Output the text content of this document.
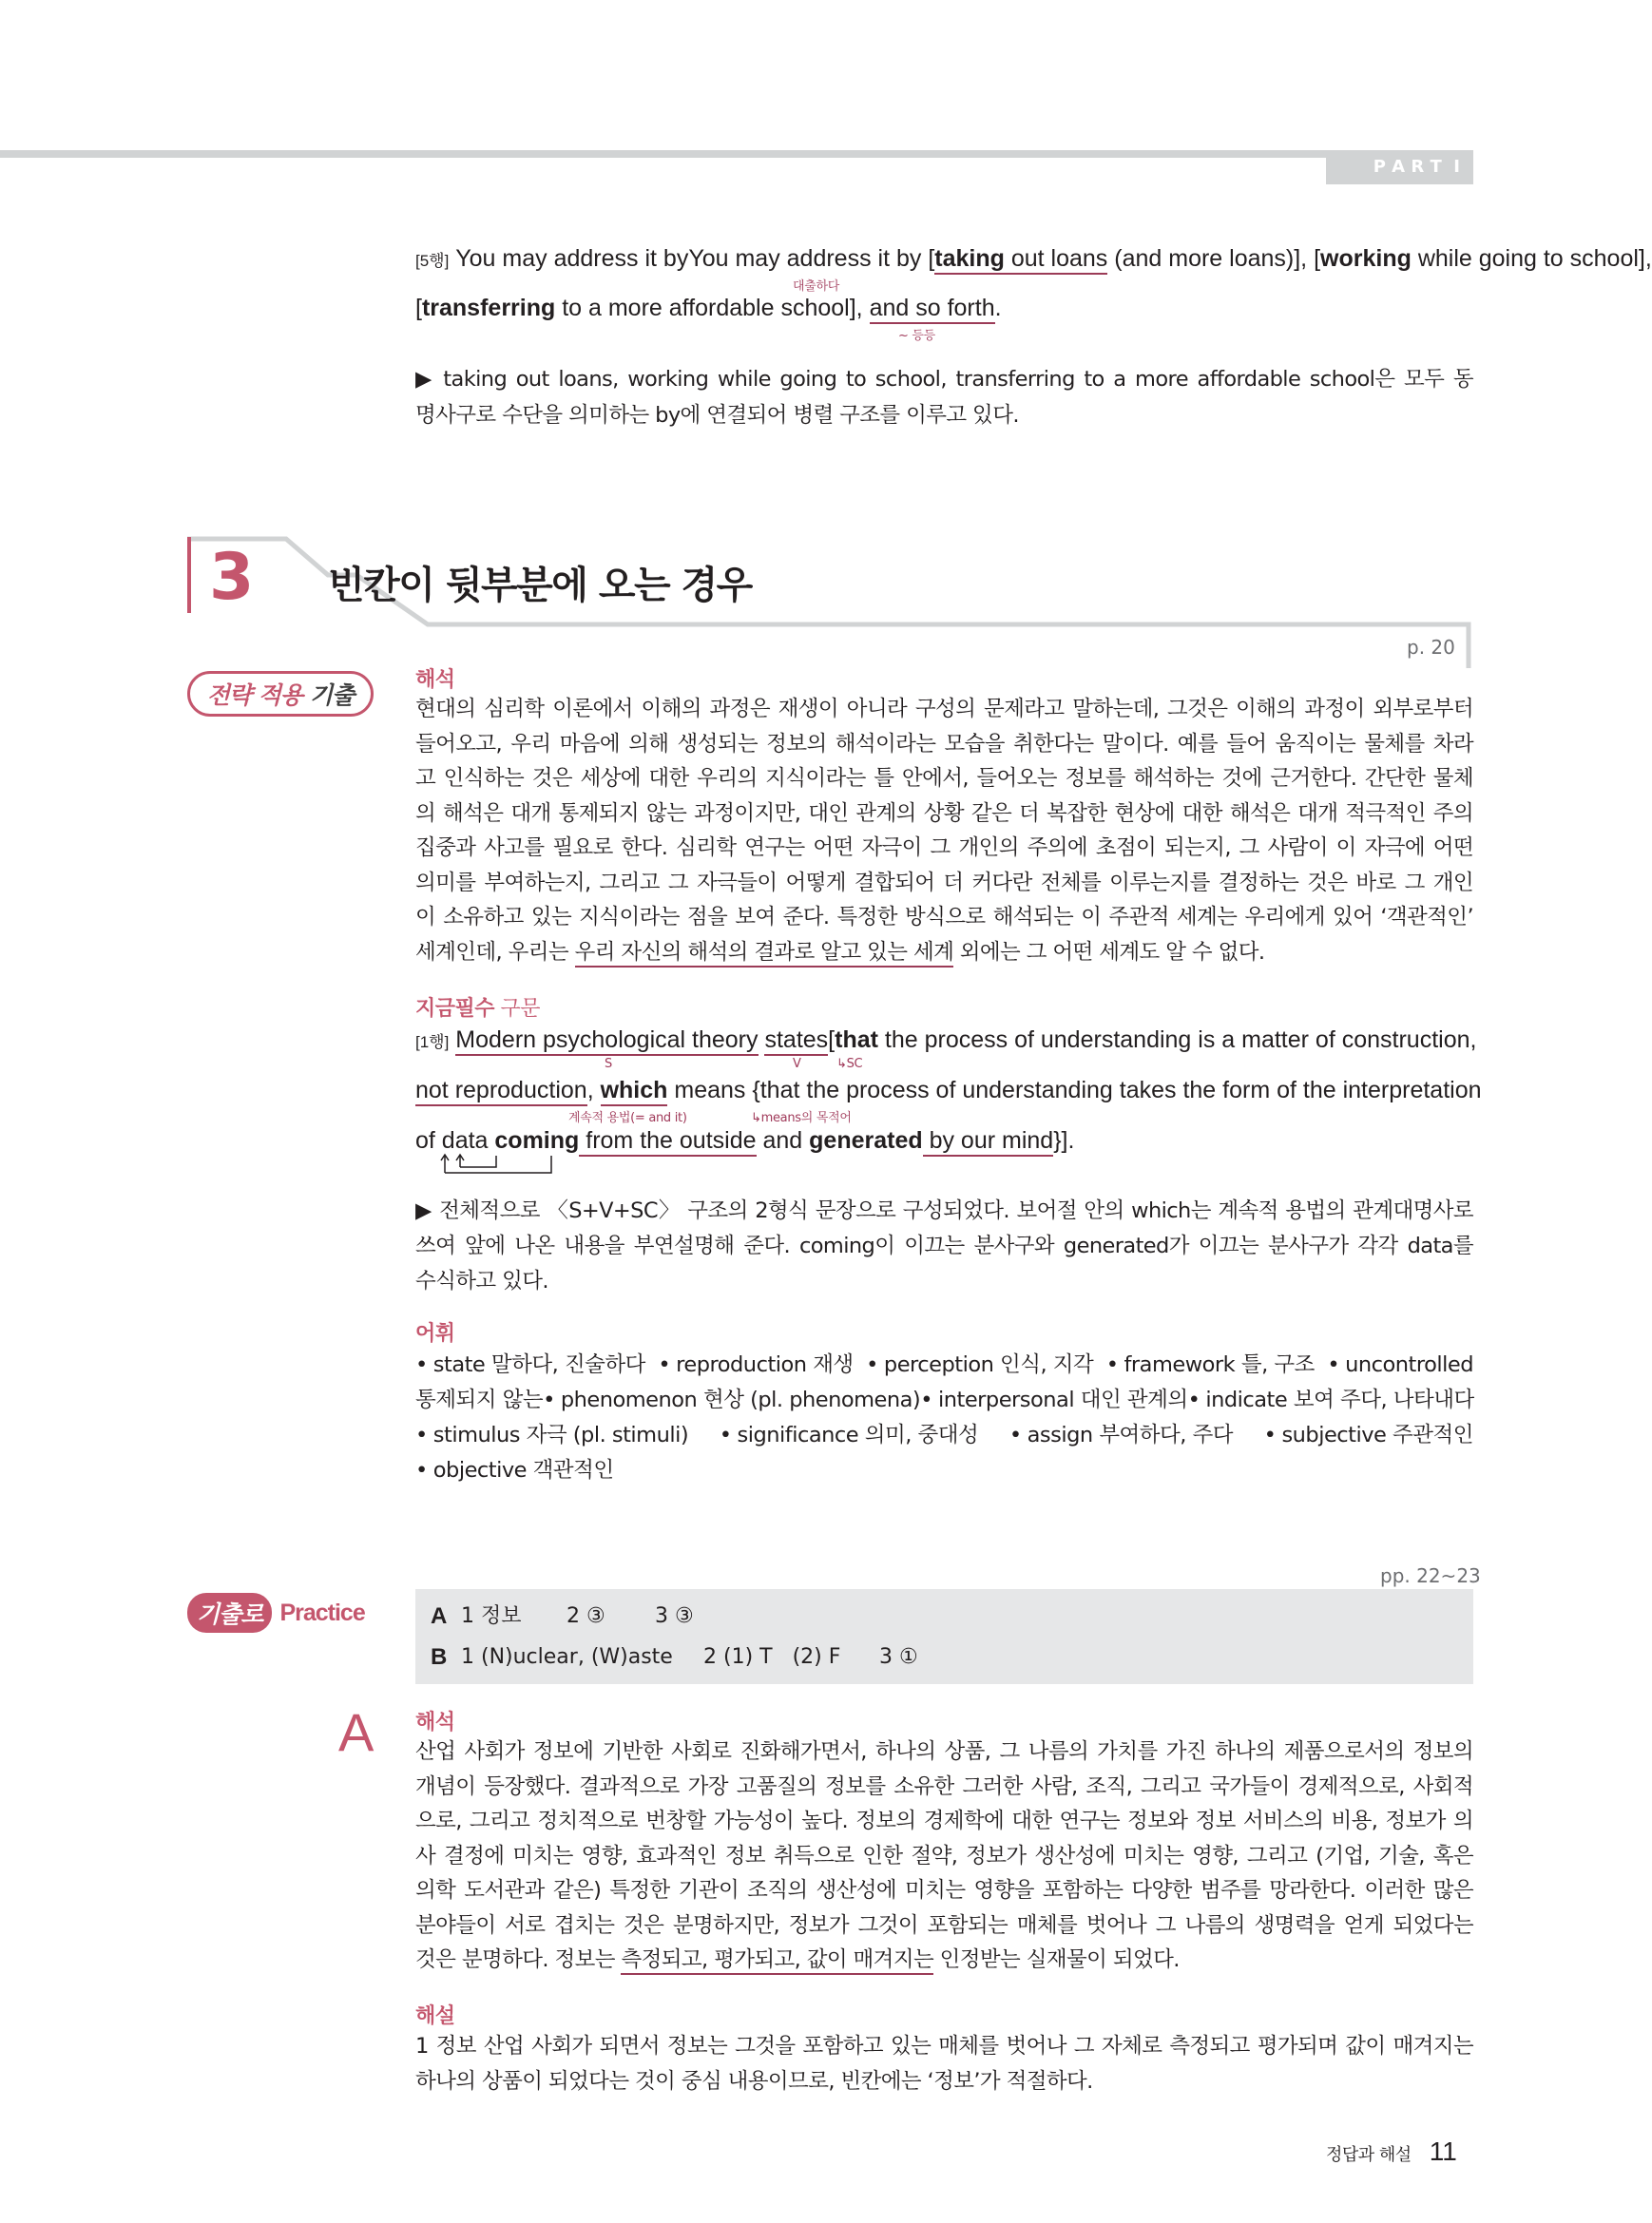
P A R T  I
[5행] You may address it by You may address it by [taking out loans (and more loans)], [working while going to school],
대출하다
[transferring to a more affordable school], and so forth.
~ 등등
▶ taking out loans, working while going to school, transferring to a more affordable school은 모두 동
명사구로 수단을 의미하는 by에 연결되어 병렬 구조를 이루고 있다.
3 빈칸이 뒷부분에 오는 경우
p. 20
전략 적용 기출
해석
현대의 심리학 이론에서 이해의 과정은 재생이 아니라 구성의 문제라고 말하는데, 그것은 이해의 과정이 외부로부터
들어오고, 우리 마음에 의해 생성되는 정보의 해석이라는 모습을 취한다는 말이다. 예를 들어 움직이는 물체를 차라
고 인식하는 것은 세상에 대한 우리의 지식이라는 틀 안에서, 들어오는 정보를 해석하는 것에 근거한다. 간단한 물체
의 해석은 대개 통제되지 않는 과정이지만, 대인 관계의 상황 같은 더 복잡한 현상에 대한 해석은 대개 적극적인 주의
집중과 사고를 필요로 한다. 심리학 연구는 어떤 자극이 그 개인의 주의에 초점이 되는지, 그 사람이 이 자극에 어떤
의미를 부여하는지, 그리고 그 자극들이 어떻게 결합되어 더 커다란 전체를 이루는지를 결정하는 것은 바로 그 개인
이 소유하고 있는 지식이라는 점을 보여 준다. 특정한 방식으로 해석되는 이 주관적 세계는 우리에게 있어 ‘객관적인’
세계인데, 우리는 우리 자신의 해석의 결과로 알고 있는 세계 외에는 그 어떤 세계도 알 수 없다.
지금필수 구문
[1행] Modern psychological theory states [that the process of understanding is a matter of construction,
S	V	↳SC
not reproduction, which means { that the process of understanding takes the form of the interpretation
계속적 용법(= and it)	↳means의 목적어
of data coming from the outside and generated by our mind}].
▶ 전체적으로 〈S+V+SC〉 구조의 2형식 문장으로 구성되었다. 보어절 안의 which는 계속적 용법의 관계대명사로
쓰여 앞에 나온 내용을 부연설명해 준다. coming이 이끄는 분사구와 generated가 이끄는 분사구가 각각 data를
수식하고 있다.
어휘
• state 말하다, 진술하다	• reproduction 재생	• perception 인식, 지각	• framework 틀, 구조	• uncontrolled
통제되지 않는 • phenomenon 현상 (pl. phenomena) • interpersonal 대인 관계의 • indicate 보여 주다, 나타내다
• stimulus 자극 (pl. stimuli)	• significance 의미, 중대성	• assign 부여하다, 주다	• subjective 주관적인
• objective 객관적인
pp. 22~23
기출로 Practice	A 1 정보 2 ③ 3 ③
B 1 (N)uclear, (W)aste 2 (1) T   (2) F 3 ①
A 해석
산업 사회가 정보에 기반한 사회로 진화해가면서, 하나의 상품, 그 나름의 가치를 가진 하나의 제품으로서의 정보의
개념이 등장했다. 결과적으로 가장 고품질의 정보를 소유한 그러한 사람, 조직, 그리고 국가들이 경제적으로, 사회적
으로, 그리고 정치적으로 번창할 가능성이 높다. 정보의 경제학에 대한 연구는 정보와 정보 서비스의 비용, 정보가 의
사 결정에 미치는 영향, 효과적인 정보 취득으로 인한 절약, 정보가 생산성에 미치는 영향, 그리고 (기업, 기술, 혹은
의학 도서관과 같은) 특정한 기관이 조직의 생산성에 미치는 영향을 포함하는 다양한 범주를 망라한다. 이러한 많은
분야들이 서로 겹치는 것은 분명하지만, 정보가 그것이 포함되는 매체를 벗어나 그 나름의 생명력을 얻게 되었다는
것은 분명하다. 정보는 측정되고, 평가되고, 값이 매겨지는 인정받는 실재물이 되었다.
해설
1 정보 산업 사회가 되면서 정보는 그것을 포함하고 있는 매체를 벗어나 그 자체로 측정되고 평가되며 값이 매겨지는
하나의 상품이 되었다는 것이 중심 내용이므로, 빈칸에는 ‘정보’가 적절하다.
정답과 해설 11
